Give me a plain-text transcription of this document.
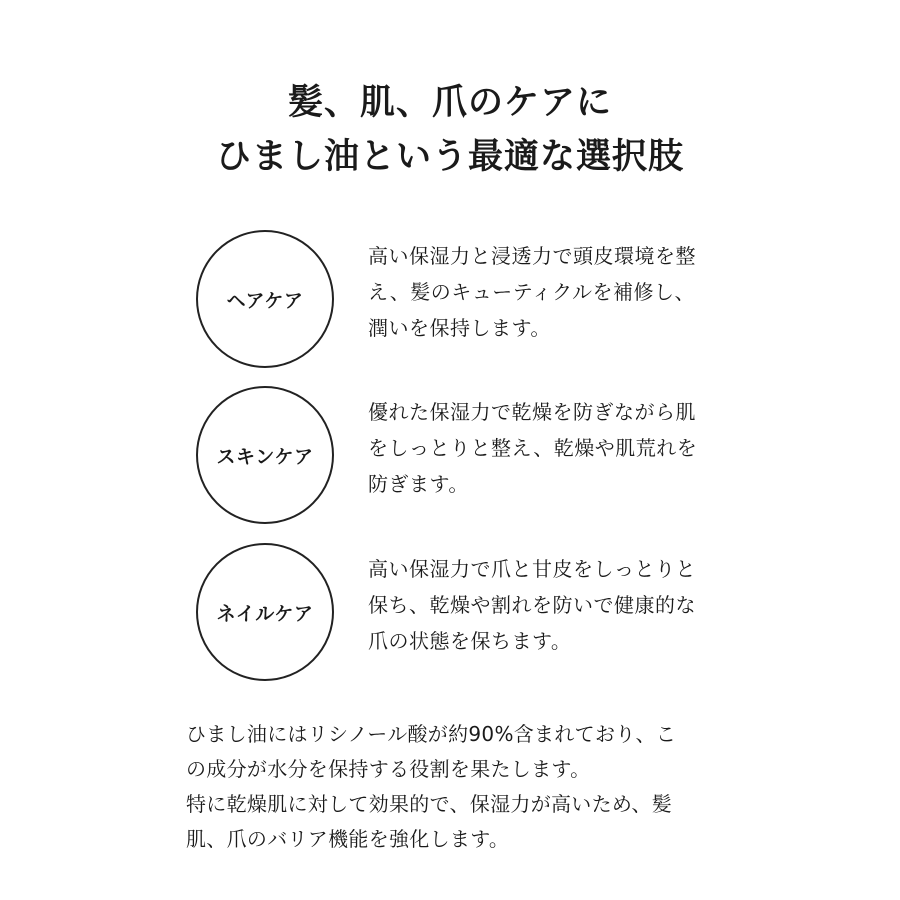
髪、肌、爪のケアに
ひまし油という最適な選択肢
ヘアケア
高い保湿力と浸透力で頭皮環境を整
え、髪のキューティクルを補修し、
潤いを保持します。
スキンケア
優れた保湿力で乾燥を防ぎながら肌
をしっとりと整え、乾燥や肌荒れを
防ぎます。
ネイルケア
高い保湿力で爪と甘皮をしっとりと
保ち、乾燥や割れを防いで健康的な
爪の状態を保ちます。
ひまし油にはリシノール酸が約90%含まれており、こ
の成分が水分を保持する役割を果たします。
特に乾燥肌に対して効果的で、保湿力が高いため、髪
肌、爪のバリア機能を強化します。
